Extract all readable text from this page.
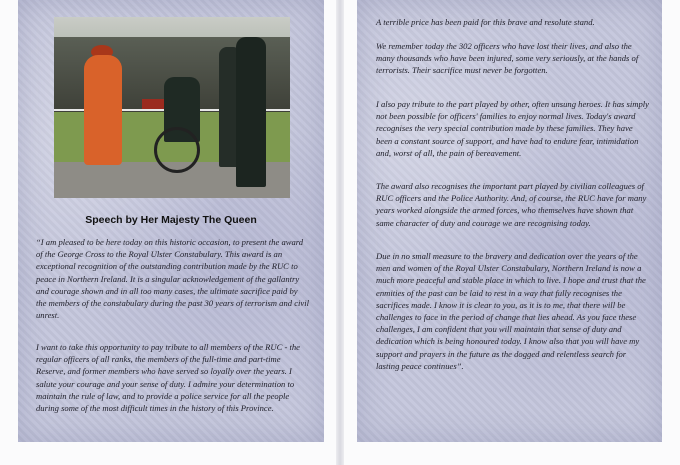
Speech by Her Majesty The Queen

“I am pleased to be here today on this historic occasion, to present the award of the George Cross to the Royal Ulster Constabulary. This award is an exceptional recognition of the outstanding contribution made by the RUC to peace in Northern Ireland. It is a singular acknowledgement of the gallantry and courage shown and in all too many cases, the ultimate sacrifice paid by the members of the constabulary during the past 30 years of terrorism and civil unrest.

I want to take this opportunity to pay tribute to all members of the RUC - the regular officers of all ranks, the members of the full-time and part-time Reserve, and former members who have served so loyally over the years. I salute your courage and your sense of duty. I admire your determination to maintain the rule of law, and to provide a police service for all the people during some of the most difficult times in the history of this Province.

A terrible price has been paid for this brave and resolute stand.

We remember today the 302 officers who have lost their lives, and also the many thousands who have been injured, some very seriously, at the hands of terrorists. Their sacrifice must never be forgotten.

I also pay tribute to the part played by other, often unsung heroes. It has simply not been possible for officers' families to enjoy normal lives. Today's award recognises the very special contribution made by these families. They have been a constant source of support, and have had to endure fear, intimidation and, worst of all, the pain of bereavement.

The award also recognises the important part played by civilian colleagues of RUC officers and the Police Authority. And, of course, the RUC have for many years worked alongside the armed forces, who themselves have shown that same character of duty and courage we are recognising today.

Due in no small measure to the bravery and dedication over the years of the men and women of the Royal Ulster Constabulary, Northern Ireland is now a much more peaceful and stable place in which to live. I hope and trust that the enmities of the past can be laid to rest in a way that fully recognises the sacrifices made. I know it is clear to you, as it is to me, that there will be challenges to face in the period of change that lies ahead. As you face these challenges, I am confident that you will maintain that sense of duty and dedication which is being honoured today. I know also that you will have my support and prayers in the future as the dogged and relentless search for lasting peace continues”.
